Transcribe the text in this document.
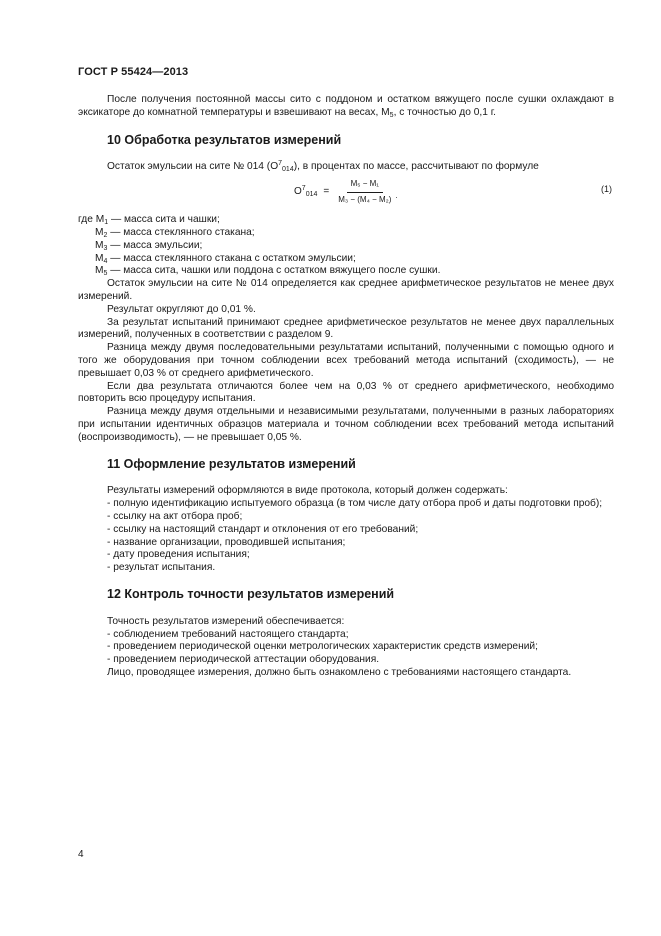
ГОСТ Р 55424—2013

После получения постоянной массы сито с поддоном и остатком вяжущего после сушки охлаждают в эксикаторе до комнатной температуры и взвешивают на весах, $M_5$, с точностью до 0,1 г.

10 Обработка результатов измерений

Остаток эмульсии на сите № 014 $(O^7_{014})$, в процентах по массе, рассчитывают по формуле

$O^7_{014} = \frac{\text{M₅ − M₁}}{\text{M₃ − (M₄ − M₂)}}$ .
(1)
где $M_1$ — масса сита и чашки;
$M_2$ — масса стеклянного стакана;
$M_3$ — масса эмульсии;
$M_4$ — масса стеклянного стакана с остатком эмульсии;
$M_5$ — масса сита, чашки или поддона с остатком вяжущего после сушки.

Остаток эмульсии на сите № 014 определяется как среднее арифметическое результатов не менее двух измерений.

Результат округляют до 0,01 %.

За результат испытаний принимают среднее арифметическое результатов не менее двух параллельных измерений, полученных в соответствии с разделом 9.

Разница между двумя последовательными результатами испытаний, полученными с помощью одного и того же оборудования при точном соблюдении всех требований метода испытаний (сходимость), — не превышает 0,03 % от среднего арифметического.

Если два результата отличаются более чем на 0,03 % от среднего арифметического, необходимо повторить всю процедуру испытания.

Разница между двумя отдельными и независимыми результатами, полученными в разных лабораториях при испытании идентичных образцов материала и точном соблюдении всех требований метода испытаний (воспроизводимость), — не превышает 0,05 %.

11 Оформление результатов измерений

Результаты измерений оформляются в виде протокола, который должен содержать:

- полную идентификацию испытуемого образца (в том числе дату отбора проб и даты подготовки проб);

- ссылку на акт отбора проб;

- ссылку на настоящий стандарт и отклонения от его требований;

- название организации, проводившей испытания;

- дату проведения испытания;

- результат испытания.

12 Контроль точности результатов измерений

Точность результатов измерений обеспечивается:

- соблюдением требований настоящего стандарта;

- проведением периодической оценки метрологических характеристик средств измерений;

- проведением периодической аттестации оборудования.

Лицо, проводящее измерения, должно быть ознакомлено с требованиями настоящего стандарта.

4
